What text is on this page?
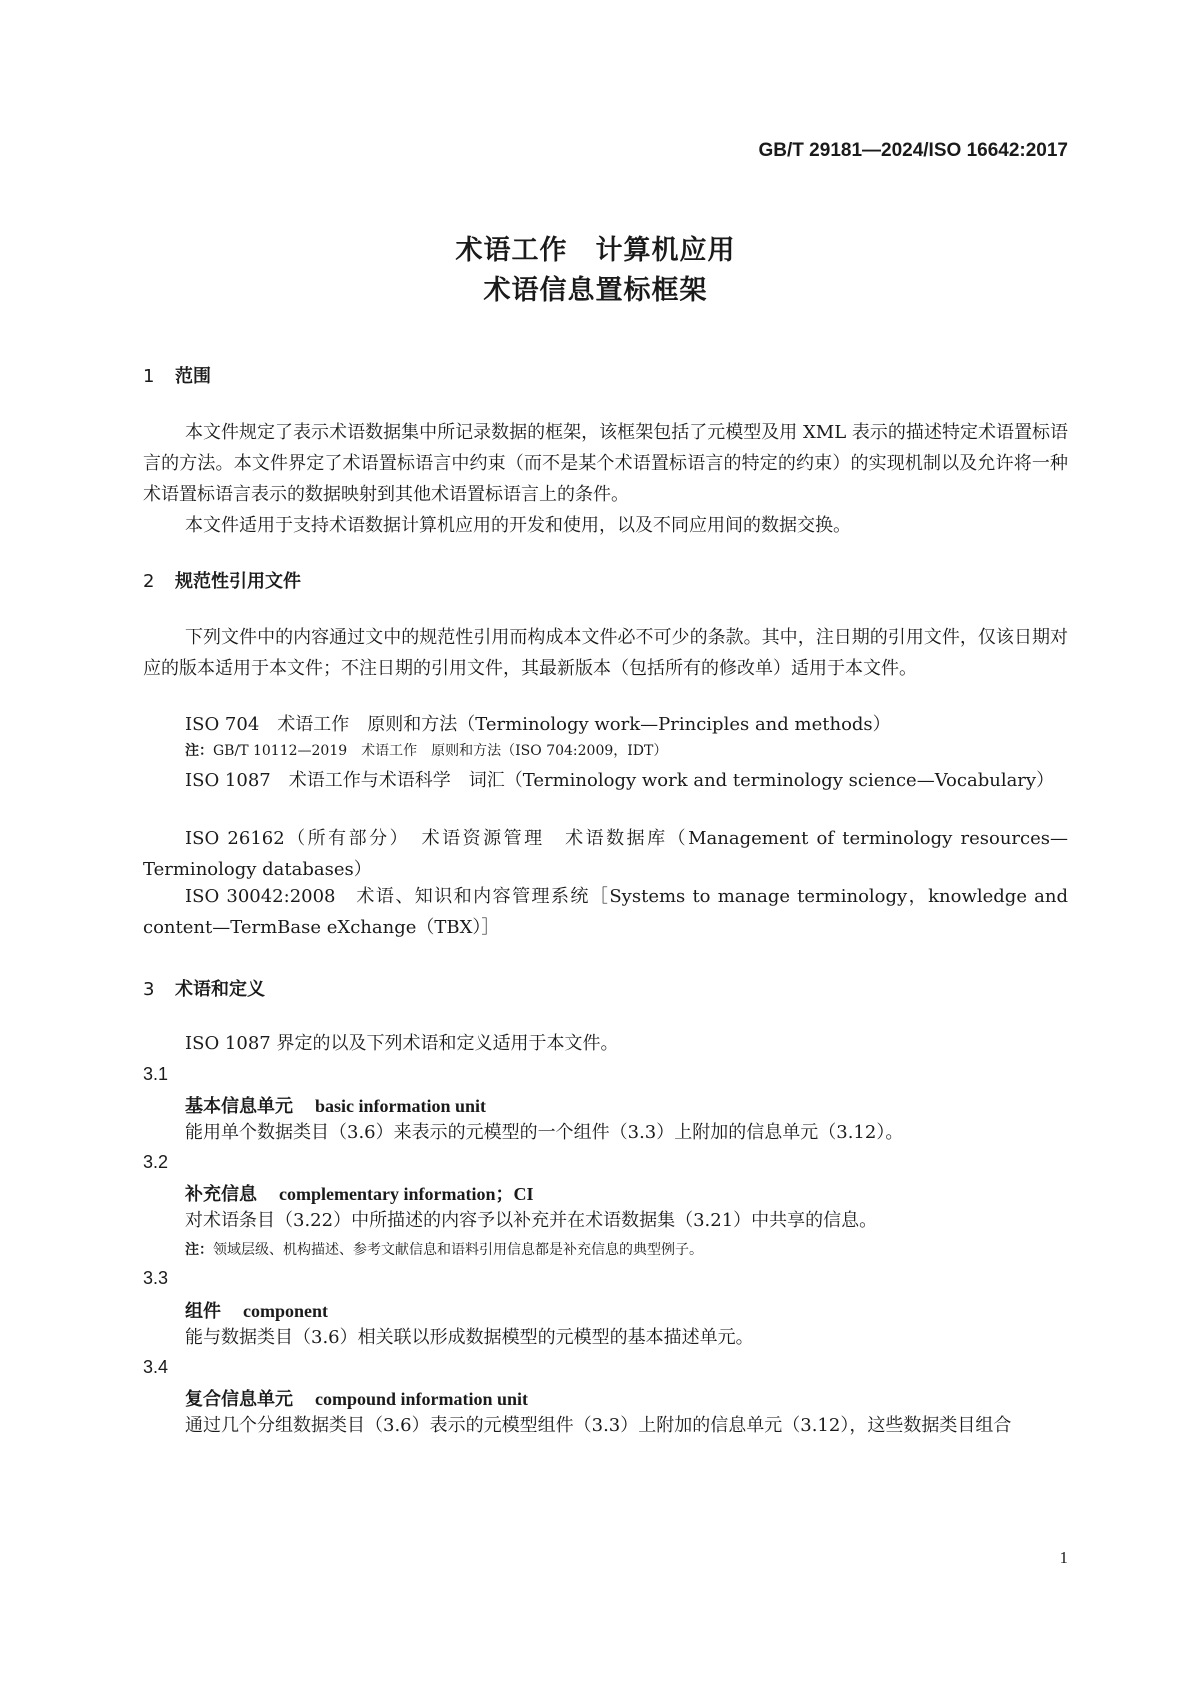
GB/T 29181—2024/ISO 16642:2017
术语工作　计算机应用
术语信息置标框架
1 范围
本文件规定了表示术语数据集中所记录数据的框架，该框架包括了元模型及用 XML 表示的描述特定术语置标语言的方法。本文件界定了术语置标语言中约束（而不是某个术语置标语言的特定的约束）的实现机制以及允许将一种术语置标语言表示的数据映射到其他术语置标语言上的条件。
本文件适用于支持术语数据计算机应用的开发和使用，以及不同应用间的数据交换。
2 规范性引用文件
下列文件中的内容通过文中的规范性引用而构成本文件必不可少的条款。其中，注日期的引用文件，仅该日期对应的版本适用于本文件；不注日期的引用文件，其最新版本（包括所有的修改单）适用于本文件。
ISO 704　术语工作　原则和方法（Terminology work—Principles and methods）
注：GB/T 10112—2019　术语工作　原则和方法（ISO 704:2009，IDT）
ISO 1087　术语工作与术语科学　词汇（Terminology work and terminology science—Vocabulary）
ISO 26162（所有部分）　术语资源管理　术语数据库（Management of terminology resources—Terminology databases）
ISO 30042:2008　术语、知识和内容管理系统［Systems to manage terminology，knowledge and content—TermBase eXchange（TBX）］
3 术语和定义
ISO 1087 界定的以及下列术语和定义适用于本文件。
3.1
基本信息单元 basic information unit
能用单个数据类目（3.6）来表示的元模型的一个组件（3.3）上附加的信息单元（3.12）。
3.2
补充信息 complementary information；CI
对术语条目（3.22）中所描述的内容予以补充并在术语数据集（3.21）中共享的信息。
注：领域层级、机构描述、参考文献信息和语料引用信息都是补充信息的典型例子。
3.3
组件 component
能与数据类目（3.6）相关联以形成数据模型的元模型的基本描述单元。
3.4
复合信息单元 compound information unit
通过几个分组数据类目（3.6）表示的元模型组件（3.3）上附加的信息单元（3.12），这些数据类目组合
1
